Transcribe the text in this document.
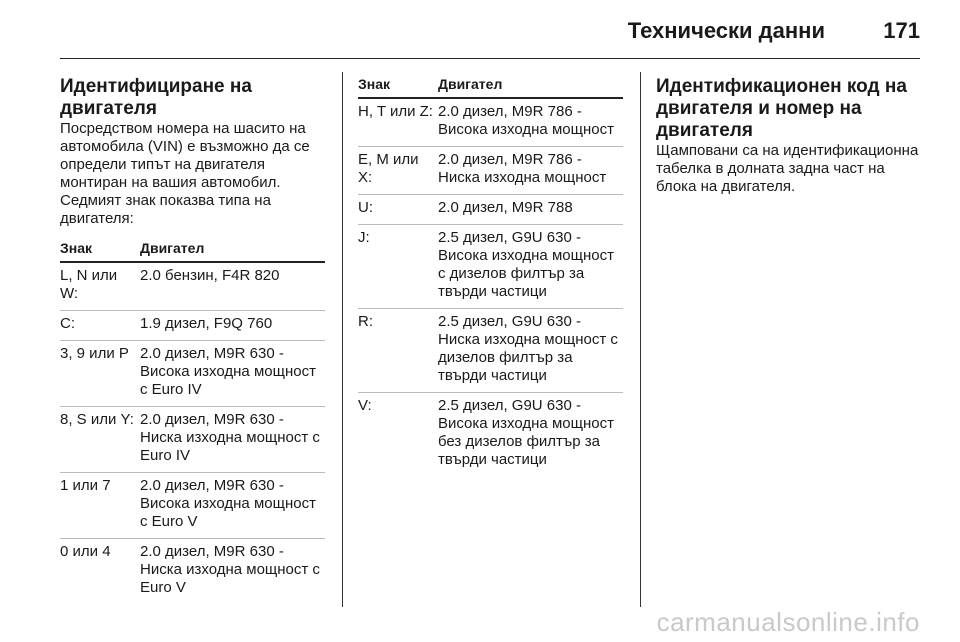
Технически данни	171
Идентифициране на двигателя

Посредством номера на шасито на автомобила (VIN) е възможно да се определи типът на двигателя монтиран на вашия автомобил. Седмият знак показва типа на двигателя:

Знак	Двигател
L, N или W:	2.0 бензин, F4R 820
C:	1.9 дизел, F9Q 760
3, 9 или P	2.0 дизел, M9R 630 - Висока изходна мощност с Euro IV
8, S или Y:	2.0 дизел, M9R 630 - Ниска изходна мощност с Euro IV
1 или 7	2.0 дизел, M9R 630 - Висока изходна мощност с Euro V
0 или 4	2.0 дизел, M9R 630 - Ниска изходна мощност с Euro V
Знак	Двигател
H, T или Z:	2.0 дизел, M9R 786 - Висока изходна мощност
E, M или X:	2.0 дизел, M9R 786 - Ниска изходна мощност
U:	2.0 дизел, M9R 788
J:	2.5 дизел, G9U 630 - Висока изходна мощност с дизелов филтър за твърди частици
R:	2.5 дизел, G9U 630 - Ниска изходна мощност с дизелов филтър за твърди частици
V:	2.5 дизел, G9U 630 - Висока изходна мощност без дизелов филтър за твърди частици
Идентификационен код на двигателя и номер на двигателя

Щамповани са на идентификационна табелка в долната задна част на блока на двигателя.

carmanualsonline.info
